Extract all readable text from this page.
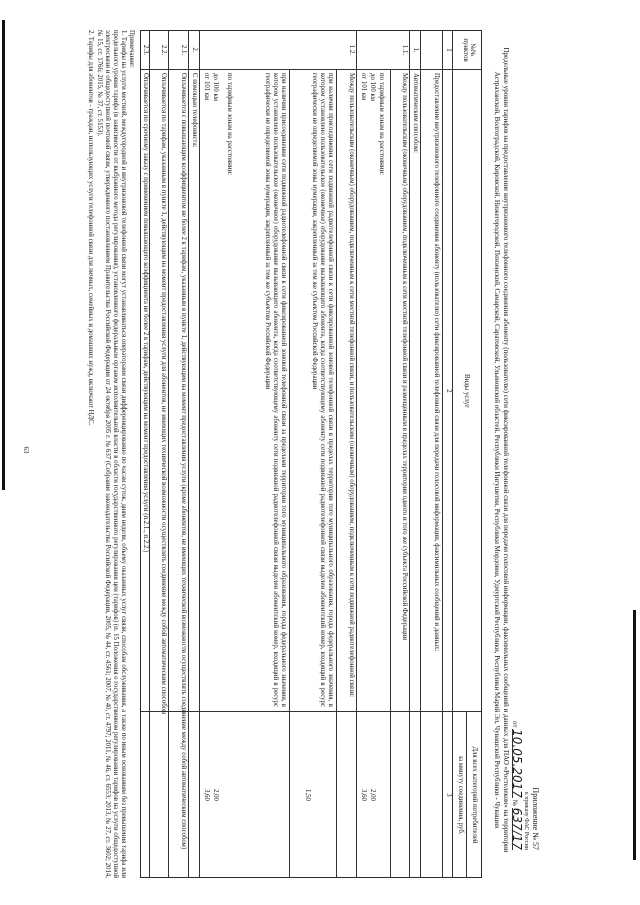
Приложение № 57
к приказу ФАС России
от 10.05.2017 № 637/17
Предельные уровни тарифов на предоставление внутризонового телефонного соединения абоненту (пользователю) сети фиксированной телефонной связи для передачи голосовой информации, факсимильных сообщений и данных для ПАО «Ростелеком» на территории Астраханской, Волгоградской, Кировской, Нижегородской, Пензенской, Самарской, Саратовской, Ульяновской областей, Республики Ингушетия, Республики Мордовия, Удмуртской Республики, Республики Марий Эл, Чувашской Республики - Чувашия
№№ пунктов
Виды услуг
Для всех категорий потребителей
за минуту соединения, руб.
1
2
3
Предоставление внутризонового телефонного соединения абоненту (пользователю) сети фиксированной телефонной связи для передачи голосовой информации, факсимильных сообщений и данных:
1.
Автоматическим способом:
1.1.
Между пользовательским (оконечным) оборудованием, подключенным к сети местной телефонной связи и размещенным в пределах территории одного и того же субъекта Российской Федерации
по тарифным зонам на расстоянии:
до 100 км
2,00
от 101 км
3,60
1.2.
Между пользовательским (оконечным) оборудованием, подключенным к сети местной телефонной связи, и пользовательским (оконечным) оборудованием, подключенным к сети подвижной радиотелефонной связи:
при наличии присоединения сети подвижной радиотелефонной связи к сети фиксированной зоновой телефонной связи в пределах территории того муниципального образования, города федерального значения, в котором установлено пользовательское (оконечное) оборудование вызывающего абонента, когда соответствующему абоненту сети подвижной радиотелефонной связи выделен абонентский номер, входящий в ресурс географически не определяемой зоны нумерации, закрепленный за тем же субъектом Российской Федерации
1,50
при наличии присоединения сети подвижной радиотелефонной связи к сети фиксированной зоновой телефонной связи за пределами территории того муниципального образования, города федерального значения, в котором установлено пользовательское (оконечное) оборудование вызывающего абонента, когда соответствующему абоненту сети подвижной радиотелефонной связи выделен абонентский номер, входящий в ресурс географически не определяемой зоны нумерации, закрепленный за тем же субъектом Российской Федерации
по тарифным зонам на расстоянии:
до 100 км
2,00
от 101 км
3,60
2.
С помощью телефониста:
2.1.
Оплачивается с повышающим коэффициентом не более 2 к тарифам, указанным в пункте 1, действующим на момент предоставления услуги (кроме абонентов, не имеющих технической возможности осуществлять соединение между собой автоматическим способом)
2.2.
Оплачивается по тарифам, указанным в пункте 1, действующим на момент предоставления услуги для абонентов, не имеющих технической возможности осуществлять соединение между собой автоматическим способом
2.3.
Оплачивается по срочному заказу с применением повышающего коэффициента не более 2 к тарифам, действующим на момент предоставления услуги (п.2.1., п.2.2.)
Примечание:
1. Тарифы на услуги местной, междугородной и внутризоновой телефонной связи могут устанавливаться операторами связи дифференцированно по часам суток, дням недели, объему оказанных услуг связи, способам обслуживания, а также по иным основаниям без превышения тарифа или предельного уровня тарифа (в зависимости от выбранного метода регулирования), установленного федеральным органом исполнительной власти в области государственного регулирования цен (тарифов) (п. 15 Положения о государственном регулировании тарифов на услуги общедоступной электросвязи и общедоступной почтовой связи, утвержденного постановлением Правительства Российской Федерации от 24 октября 2005 г. № 637 (Собрание законодательства Российской Федерации, 2005, № 44, ст. 4561; 2007, № 40, ст. 4797; 2011, № 46, ст. 6553; 2013, № 27, ст. 3602; 2014, № 15, ст. 1766; 2015, № 37, ст. 5153).
2. Тарифы для абонентов - граждан, использующих услуги телефонной связи для личных, семейных и домашних нужд, включают НДС.
63
